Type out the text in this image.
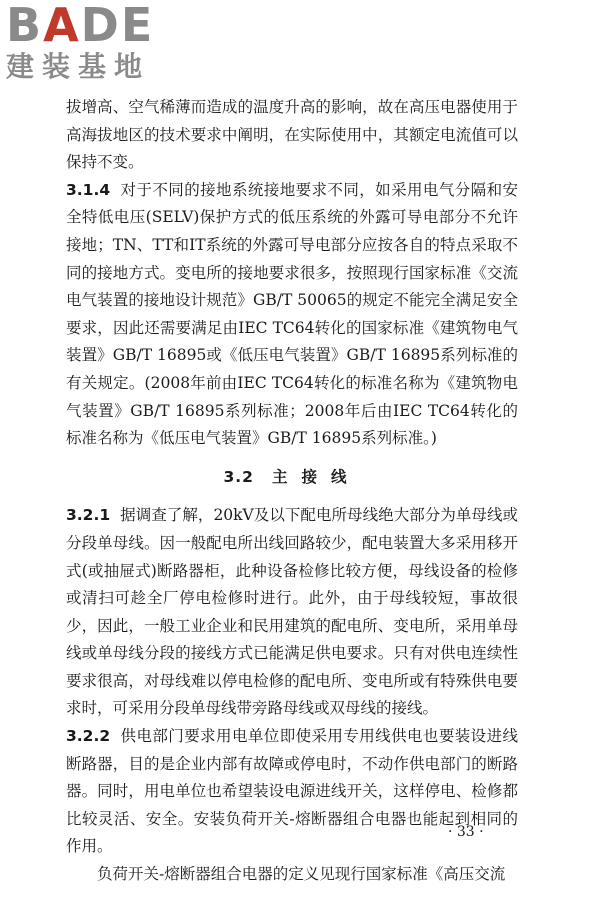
BADE
建装基地

拔增高、空气稀薄而造成的温度升高的影响，故在高压电器使用于高海拔地区的技术要求中阐明，在实际使用中，其额定电流值可以保持不变。

3.1.4 对于不同的接地系统接地要求不同，如采用电气分隔和安全特低电压(SELV)保护方式的低压系统的外露可导电部分不允许接地；TN、TT和IT系统的外露可导电部分应按各自的特点采取不同的接地方式。变电所的接地要求很多，按照现行国家标准《交流电气装置的接地设计规范》GB/T 50065的规定不能完全满足安全要求，因此还需要满足由IEC TC64转化的国家标准《建筑物电气装置》GB/T 16895或《低压电气装置》GB/T 16895系列标准的有关规定。(2008年前由IEC TC64转化的标准名称为《建筑物电气装置》GB/T 16895系列标准；2008年后由IEC TC64转化的标准名称为《低压电气装置》GB/T 16895系列标准。)

3.2 主接线

3.2.1 据调查了解，20kV及以下配电所母线绝大部分为单母线或分段单母线。因一般配电所出线回路较少，配电装置大多采用移开式(或抽屉式)断路器柜，此种设备检修比较方便，母线设备的检修或清扫可趁全厂停电检修时进行。此外，由于母线较短，事故很少，因此，一般工业企业和民用建筑的配电所、变电所，采用单母线或单母线分段的接线方式已能满足供电要求。只有对供电连续性要求很高，对母线难以停电检修的配电所、变电所或有特殊供电要求时，可采用分段单母线带旁路母线或双母线的接线。

3.2.2 供电部门要求用电单位即使采用专用线供电也要装设进线断路器，目的是企业内部有故障或停电时，不动作供电部门的断路器。同时，用电单位也希望装设电源进线开关，这样停电、检修都比较灵活、安全。安装负荷开关-熔断器组合电器也能起到相同的作用。

负荷开关-熔断器组合电器的定义见现行国家标准《高压交流

· 33 ·
